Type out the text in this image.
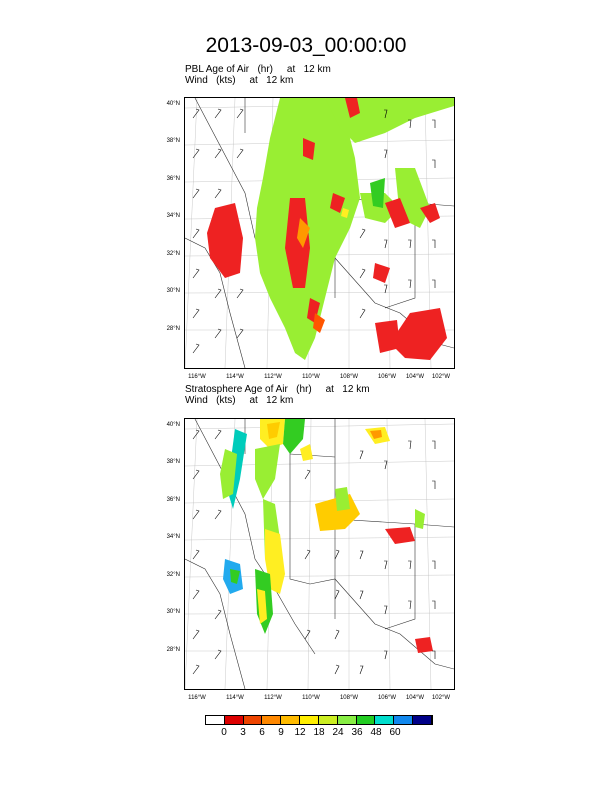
2013-09-03_00:00:00
PBL Age of Air   (hr)     at   12 km
Wind   (kts)     at   12 km
40°N
38°N
36°N
34°N
32°N
30°N
28°N
116°W	114°W	112°W	110°W	108°W	106°W	104°W	102°W
Stratosphere Age of Air   (hr)     at   12 km
Wind   (kts)     at   12 km
40°N
38°N
36°N
34°N
32°N
30°N
28°N
116°W	114°W	112°W	110°W	108°W	106°W	104°W	102°W
0	3	6	9	12 18 24 36 48 60
